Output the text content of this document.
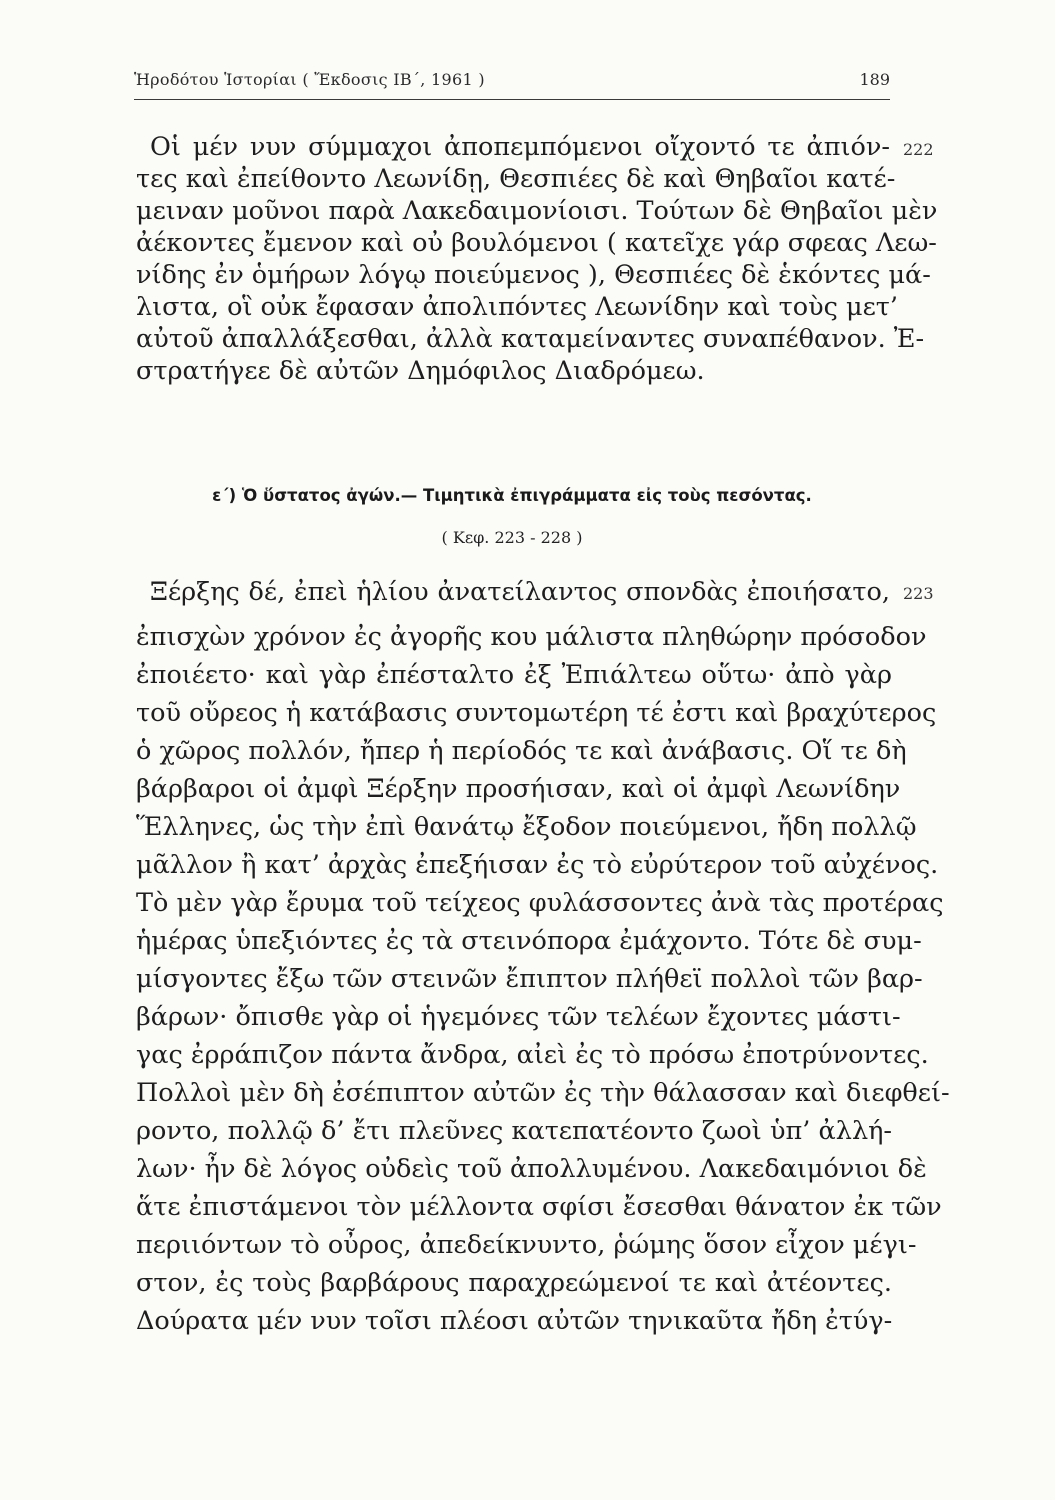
Ἡροδότου Ἱστορίαι ( Ἔκδοσις ΙΒ΄, 1961 )	189
222
Οἱ μέν νυν σύμμαχοι ἀποπεμπόμενοι οἴχοντό τε ἀπιόν-
τες καὶ ἐπείθοντο Λεωνίδῃ, Θεσπιέες δὲ καὶ Θηβαῖοι κατέ-
μειναν μοῦνοι παρὰ Λακεδαιμονίοισι. Τούτων δὲ Θηβαῖοι μὲν
ἀέκοντες ἔμενον καὶ οὐ βουλόμενοι ( κατεῖχε γάρ σφεας Λεω-
νίδης ἐν ὁμήρων λόγῳ ποιεύμενος ), Θεσπιέες δὲ ἑκόντες μά-
λιστα, οἳ οὐκ ἔφασαν ἀπολιπόντες Λεωνίδην καὶ τοὺς μετ’
αὐτοῦ ἀπαλλάξεσθαι, ἀλλὰ καταμείναντες συναπέθανον. Ἐ-
στρατήγεε δὲ αὐτῶν Δημόφιλος Διαδρόμεω.
ε΄) Ὁ ὕστατος ἀγών.— Τιμητικὰ ἐπιγράμματα εἰς τοὺς πεσόντας.
( Κεφ. 223 - 228 )
223
Ξέρξης δέ, ἐπεὶ ἡλίου ἀνατείλαντος σπονδὰς ἐποιήσατο,
ἐπισχὼν χρόνον ἐς ἀγορῆς κου μάλιστα πληθώρην πρόσοδον
ἐποιέετο· καὶ γὰρ ἐπέσταλτο ἐξ Ἐπιάλτεω οὕτω· ἀπὸ γὰρ
τοῦ οὔρεος ἡ κατάβασις συντομωτέρη τέ ἐστι καὶ βραχύτερος
ὁ χῶρος πολλόν, ἤπερ ἡ περίοδός τε καὶ ἀνάβασις. Οἵ τε δὴ
βάρβαροι οἱ ἀμφὶ Ξέρξην προσήισαν, καὶ οἱ ἀμφὶ Λεωνίδην
Ἕλληνες, ὡς τὴν ἐπὶ θανάτῳ ἔξοδον ποιεύμενοι, ἤδη πολλῷ
μᾶλλον ἢ κατ’ ἀρχὰς ἐπεξήισαν ἐς τὸ εὐρύτερον τοῦ αὐχένος.
Τὸ μὲν γὰρ ἔρυμα τοῦ τείχεος φυλάσσοντες ἀνὰ τὰς προτέρας
ἡμέρας ὑπεξιόντες ἐς τὰ στεινόπορα ἐμάχοντο. Τότε δὲ συμ-
μίσγοντες ἔξω τῶν στεινῶν ἔπιπτον πλήθεϊ πολλοὶ τῶν βαρ-
βάρων· ὄπισθε γὰρ οἱ ἡγεμόνες τῶν τελέων ἔχοντες μάστι-
γας ἐρράπιζον πάντα ἄνδρα, αἰεὶ ἐς τὸ πρόσω ἐποτρύνοντες.
Πολλοὶ μὲν δὴ ἐσέπιπτον αὐτῶν ἐς τὴν θάλασσαν καὶ διεφθεί-
ροντο, πολλῷ δ’ ἔτι πλεῦνες κατεπατέοντο ζωοὶ ὑπ’ ἀλλή-
λων· ἦν δὲ λόγος οὐδεὶς τοῦ ἀπολλυμένου. Λακεδαιμόνιοι δὲ
ἅτε ἐπιστάμενοι τὸν μέλλοντα σφίσι ἔσεσθαι θάνατον ἐκ τῶν
περιιόντων τὸ οὖρος, ἀπεδείκνυντο, ῥώμης ὅσον εἶχον μέγι-
στον, ἐς τοὺς βαρβάρους παραχρεώμενοί τε καὶ ἀτέοντες.
Δούρατα μέν νυν τοῖσι πλέοσι αὐτῶν τηνικαῦτα ἤδη ἐτύγ-
